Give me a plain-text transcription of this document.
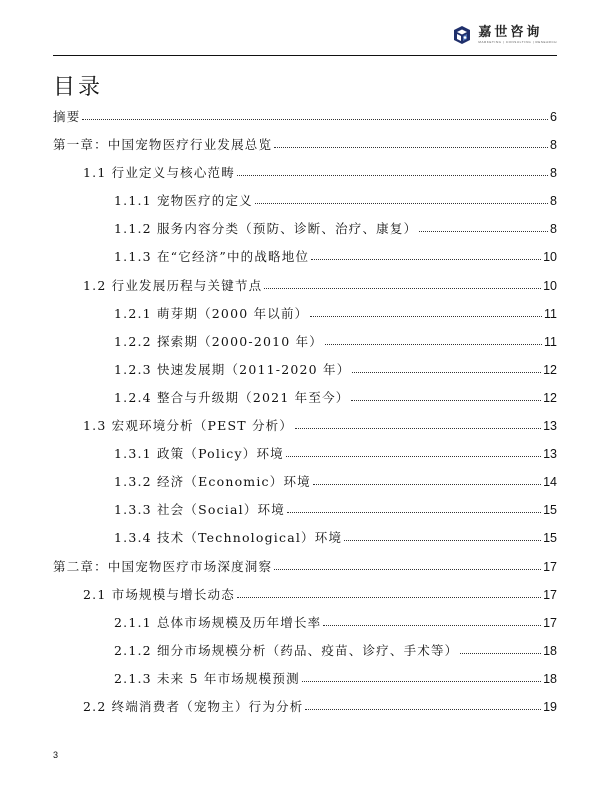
嘉世咨询
MARKETING | CONSULTING | RESEARCH
目录
摘要	6
第一章：中国宠物医疗行业发展总览	8
1.1 行业定义与核心范畴	8
1.1.1 宠物医疗的定义	8
1.1.2 服务内容分类（预防、诊断、治疗、康复）	8
1.1.3 在“它经济”中的战略地位	10
1.2 行业发展历程与关键节点	10
1.2.1 萌芽期（2000 年以前）	11
1.2.2 探索期（2000-2010 年）	11
1.2.3 快速发展期（2011-2020 年）	12
1.2.4 整合与升级期（2021 年至今）	12
1.3 宏观环境分析（PEST 分析）	13
1.3.1 政策（Policy）环境	13
1.3.2 经济（Economic）环境	14
1.3.3 社会（Social）环境	15
1.3.4 技术（Technological）环境	15
第二章：中国宠物医疗市场深度洞察	17
2.1 市场规模与增长动态	17
2.1.1 总体市场规模及历年增长率	17
2.1.2 细分市场规模分析（药品、疫苗、诊疗、手术等）	18
2.1.3 未来 5 年市场规模预测	18
2.2 终端消费者（宠物主）行为分析	19
3
